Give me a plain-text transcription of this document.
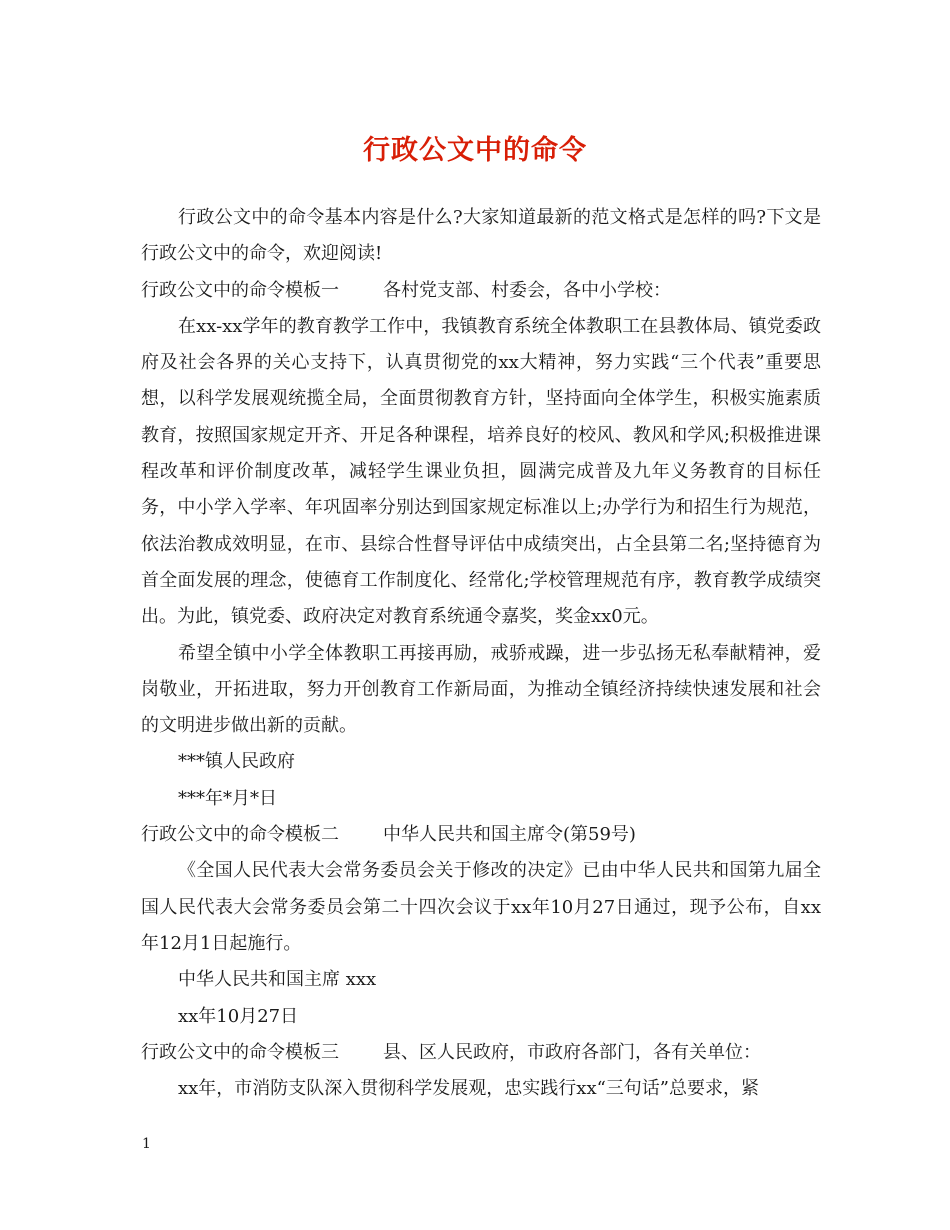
行政公文中的命令

行政公文中的命令基本内容是什么?大家知道最新的范文格式是怎样的吗?下文是行政公文中的命令，欢迎阅读!

行政公文中的命令模板一 各村党支部、村委会，各中小学校：

在xx-xx学年的教育教学工作中，我镇教育系统全体教职工在县教体局、镇党委政府及社会各界的关心支持下，认真贯彻党的xx大精神，努力实践“三个代表”重要思想，以科学发展观统揽全局，全面贯彻教育方针，坚持面向全体学生，积极实施素质教育，按照国家规定开齐、开足各种课程，培养良好的校风、教风和学风;积极推进课程改革和评价制度改革，减轻学生课业负担，圆满完成普及九年义务教育的目标任务，中小学入学率、年巩固率分别达到国家规定标准以上;办学行为和招生行为规范，依法治教成效明显，在市、县综合性督导评估中成绩突出，占全县第二名;坚持德育为首全面发展的理念，使德育工作制度化、经常化;学校管理规范有序，教育教学成绩突出。为此，镇党委、政府决定对教育系统通令嘉奖，奖金xx0元。

希望全镇中小学全体教职工再接再励，戒骄戒躁，进一步弘扬无私奉献精神，爱岗敬业，开拓进取，努力开创教育工作新局面，为推动全镇经济持续快速发展和社会的文明进步做出新的贡献。

***镇人民政府

***年*月*日

行政公文中的命令模板二 中华人民共和国主席令(第59号)

《全国人民代表大会常务委员会关于修改的决定》已由中华人民共和国第九届全国人民代表大会常务委员会第二十四次会议于xx年10月27日通过，现予公布，自xx年12月1日起施行。

中华人民共和国主席 xxx

xx年10月27日

行政公文中的命令模板三 县、区人民政府，市政府各部门，各有关单位：

xx年，市消防支队深入贯彻科学发展观，忠实践行xx“三句话”总要求，紧

1
